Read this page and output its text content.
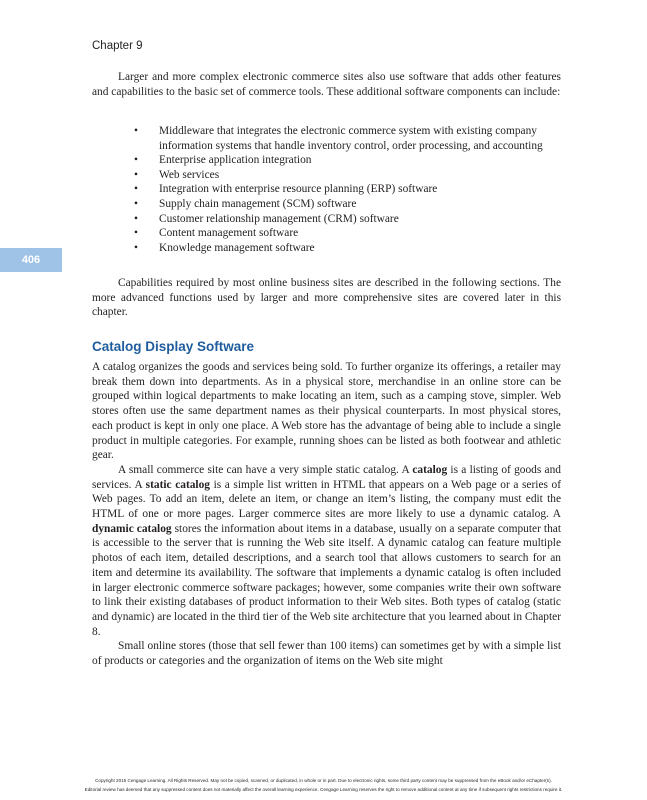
Chapter 9
406

Larger and more complex electronic commerce sites also use software that adds other features and capabilities to the basic set of commerce tools. These additional software components can include:

• Middleware that integrates the electronic commerce system with existing company information systems that handle inventory control, order processing, and accounting
• Enterprise application integration
• Web services
• Integration with enterprise resource planning (ERP) software
• Supply chain management (SCM) software
• Customer relationship management (CRM) software
• Content management software
• Knowledge management software

Capabilities required by most online business sites are described in the following sections. The more advanced functions used by larger and more comprehensive sites are covered later in this chapter.

Catalog Display Software

A catalog organizes the goods and services being sold. To further organize its offerings, a retailer may break them down into departments. As in a physical store, merchandise in an online store can be grouped within logical departments to make locating an item, such as a camping stove, simpler. Web stores often use the same department names as their physical counterparts. In most physical stores, each product is kept in only one place. A Web store has the advantage of being able to include a single product in multiple categories. For example, running shoes can be listed as both footwear and athletic gear.

A small commerce site can have a very simple static catalog. A catalog is a listing of goods and services. A static catalog is a simple list written in HTML that appears on a Web page or a series of Web pages. To add an item, delete an item, or change an item’s listing, the company must edit the HTML of one or more pages. Larger commerce sites are more likely to use a dynamic catalog. A dynamic catalog stores the information about items in a database, usually on a separate computer that is accessible to the server that is running the Web site itself. A dynamic catalog can feature multiple photos of each item, detailed descriptions, and a search tool that allows customers to search for an item and determine its availability. The software that implements a dynamic catalog is often included in larger electronic commerce software packages; however, some companies write their own software to link their existing databases of product information to their Web sites. Both types of catalog (static and dynamic) are located in the third tier of the Web site architecture that you learned about in Chapter 8.

Small online stores (those that sell fewer than 100 items) can sometimes get by with a simple list of products or categories and the organization of items on the Web site might

Copyright 2015 Cengage Learning. All Rights Reserved. May not be copied, scanned, or duplicated, in whole or in part. Due to electronic rights, some third party content may be suppressed from the eBook and/or eChapter(s).
Editorial review has deemed that any suppressed content does not materially affect the overall learning experience. Cengage Learning reserves the right to remove additional content at any time if subsequent rights restrictions require it.
